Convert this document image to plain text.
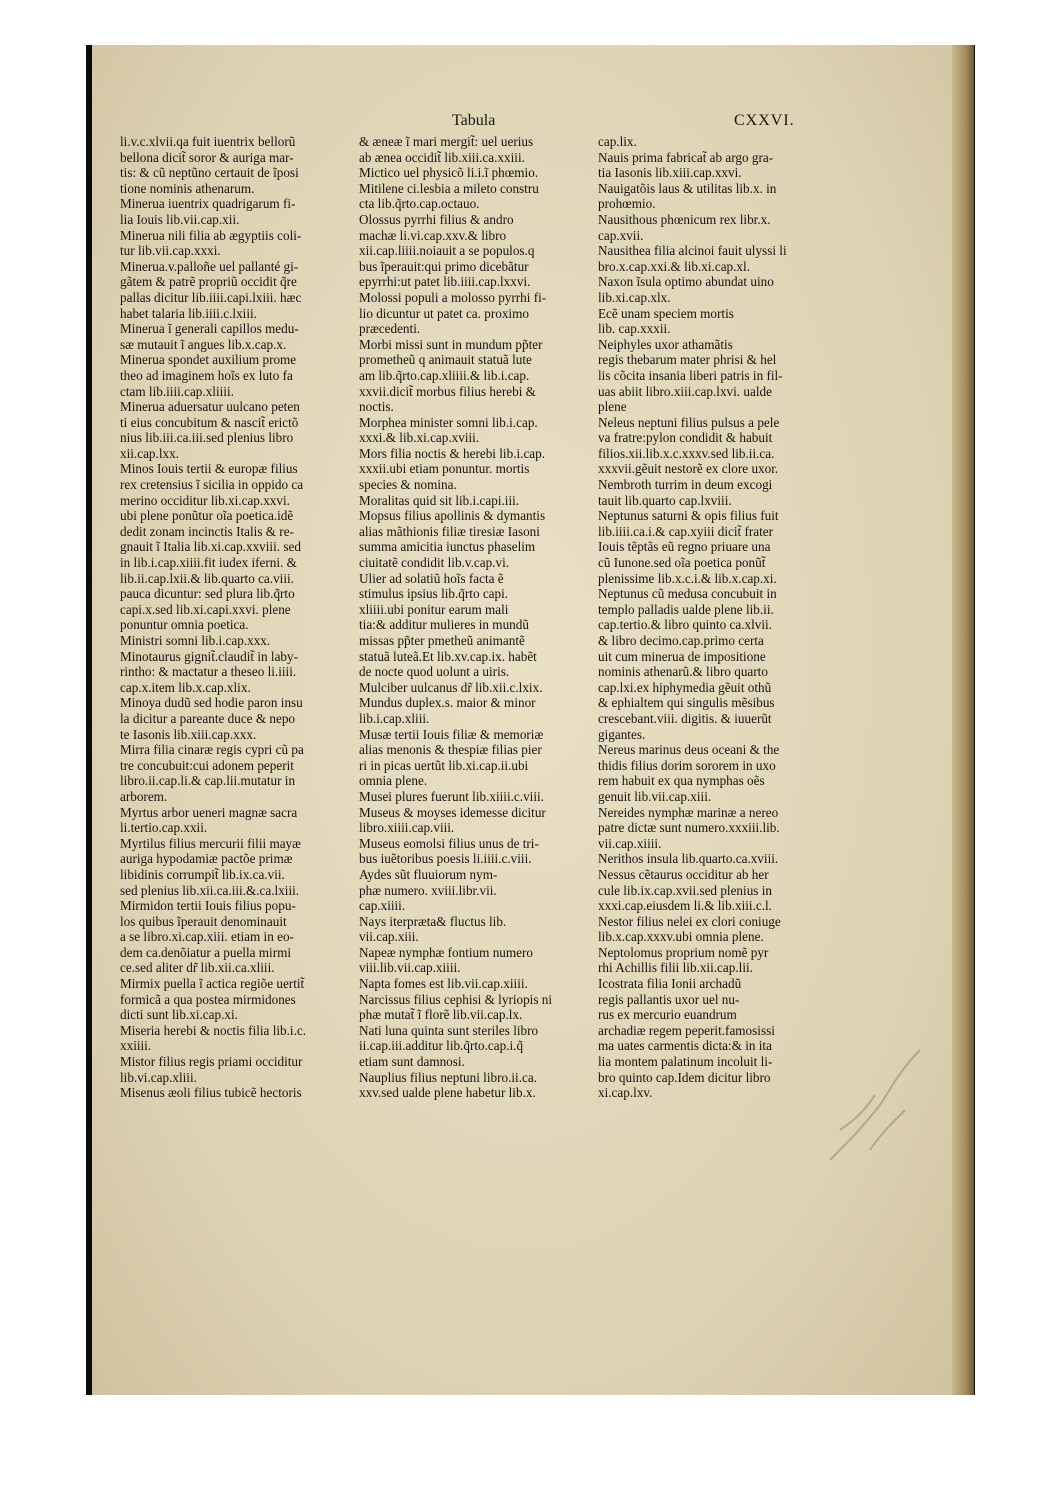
Tabula	CXXVI.
li.v.c.xlvii.qa fuit iuentrix bellorũ
bellona dicit̃ soror & auriga mar-
tis: & cũ neptũno certauit de ĩposi
tione nominis athenarum.
Minerua iuentrix quadrigarum fi-
lia Iouis lib.vii.cap.xii.
Minerua nili filia ab ægyptiis coli-
tur lib.vii.cap.xxxi.
Minerua.v.palloñe uel pallanté gi-
gãtem & patrẽ propriũ occidit q̃re
pallas dicitur lib.iiii.capi.lxiii. hæc
habet talaria lib.iiii.c.lxiii.
Minerua ĩ generali capillos medu-
sæ mutauit ĩ angues lib.x.cap.x.
Minerua spondet auxilium prome
theo ad imaginem hoĩs ex luto fa
ctam lib.iiii.cap.xliiii.
Minerua aduersatur uulcano peten
ti eius concubitum & nascit̃ erictõ
nius lib.iii.ca.iii.sed plenius libro
xii.cap.lxx.
Minos Iouis tertii & europæ filius
rex cretensius ĩ sicilia in oppido ca
merino occiditur lib.xi.cap.xxvi.
ubi plene ponũtur oĩa poetica.idẽ
dedit zonam incinctis Italis & re-
gnauit ĩ Italia lib.xi.cap.xxviii. sed
in lib.i.cap.xiiii.fit iudex iferni. &
lib.ii.cap.lxii.& lib.quarto ca.viii.
pauca dicuntur: sed plura lib.q̃rto
capi.x.sed lib.xi.capi.xxvi. plene
ponuntur omnia poetica.
Ministri somni lib.i.cap.xxx.
Minotaurus gignit̃.claudit̃ in laby-
rintho: & mactatur a theseo li.iiii.
cap.x.item lib.x.cap.xlix.
Minoya dudũ sed hodie paron insu
la dicitur a pareante duce & nepo
te Iasonis lib.xiii.cap.xxx.
Mirra filia cinaræ regis cypri cũ pa
tre concubuit:cui adonem peperit
libro.ii.cap.li.& cap.lii.mutatur in
arborem.
Myrtus arbor ueneri magnæ sacra
li.tertio.cap.xxii.
Myrtilus filius mercurii filii mayæ
auriga hypodamiæ pactõe primæ
libidinis corrumpit̃ lib.ix.ca.vii.
sed plenius lib.xii.ca.iii.&.ca.lxiii.
Mirmidon tertii Iouis filius popu-
los quibus ĩperauit denominauit
a se libro.xi.cap.xiii. etiam in eo-
dem ca.denõiatur a puella mirmi
ce.sed aliter dr̃ lib.xii.ca.xliii.
Mirmix puella ĩ actica regiõe uertit̃
formicã a qua postea mirmidones
dicti sunt lib.xi.cap.xi.
Miseria herebi & noctis filia lib.i.c.
xxiiii.
Mistor filius regis priami occiditur
lib.vi.cap.xliii.
Misenus æoli filius tubicẽ hectoris
& æneæ ĩ mari mergit̃: uel uerius
ab ænea occidit̃ lib.xiii.ca.xxiii.
Mictico uel physicõ li.i.ĩ phœmio.
Mitilene ci.lesbia a mileto constru
cta lib.q̃rto.cap.octauo.
Olossus pyrrhi filius & andro
machæ li.vi.cap.xxv.& libro
xii.cap.liiii.noiauit a se populos.q
bus ĩperauit:qui primo dicebãtur
epyrrhi:ut patet lib.iiii.cap.lxxvi.
Molossi populi a molosso pyrrhi fi-
lio dicuntur ut patet ca. proximo
præcedenti.
Morbi missi sunt in mundum pp̃ter
prometheũ q animauit statuã lute
am lib.q̃rto.cap.xliiii.& lib.i.cap.
xxvii.dicit̃ morbus filius herebi &
noctis.
Morphea minister somni lib.i.cap.
xxxi.& lib.xi.cap.xviii.
Mors filia noctis & herebi lib.i.cap.
xxxii.ubi etiam ponuntur. mortis
species & nomina.
Moralitas quid sit lib.i.capi.iii.
Mopsus filius apollinis & dymantis
alias mãthionis filiæ tiresiæ Iasoni
summa amicitia iunctus phaselim
ciuitatẽ condidit lib.v.cap.vi.
Ulier ad solatiũ hoĩs facta ẽ
stimulus ipsius lib.q̃rto capi.
xliiii.ubi ponitur earum mali
tia:& additur mulieres in mundũ
missas pp̃ter pmetheũ animantẽ
statuã luteã.Et lib.xv.cap.ix. habẽt
de nocte quod uolunt a uiris.
Mulciber uulcanus dr̃ lib.xii.c.lxix.
Mundus duplex.s. maior & minor
lib.i.cap.xliii.
Musæ tertii Iouis filiæ & memoriæ
alias menonis & thespiæ filias pier
ri in picas uertũt lib.xi.cap.ii.ubi
omnia plene.
Musei plures fuerunt lib.xiiii.c.viii.
Museus & moyses idemesse dicitur
libro.xiiii.cap.viii.
Museus eomolsi filius unus de tri-
bus iuẽtoribus poesis li.iiii.c.viii.
Aydes sũt fluuiorum nym-
phæ numero. xviii.libr.vii.
cap.xiiii.
Nays iterpræta& fluctus lib.
vii.cap.xiii.
Napeæ nymphæ fontium numero
viii.lib.vii.cap.xiiii.
Napta fomes est lib.vii.cap.xiiii.
Narcissus filius cephisi & lyriopis ni
phæ mutat̃ ĩ florẽ lib.vii.cap.lx.
Nati luna quinta sunt steriles libro
ii.cap.iii.additur lib.q̃rto.cap.i.q̃
etiam sunt damnosi.
Nauplius filius neptuni libro.ii.ca.
xxv.sed ualde plene habetur lib.x.
cap.lix.
Nauis prima fabricat̃ ab argo gra-
tia Iasonis lib.xiii.cap.xxvi.
Nauigatõis laus & utilitas lib.x. in
prohœmio.
Nausithous phœnicum rex libr.x.
cap.xvii.
Nausithea filia alcinoi fauit ulyssi li
bro.x.cap.xxi.& lib.xi.cap.xl.
Naxon ĩsula optimo abundat uino
lib.xi.cap.xlx.
Ecẽ unam speciem mortis
lib. cap.xxxii.
Neiphyles uxor athamãtis
regis thebarum mater phrisi & hel
lis cõcita insania liberi patris in fil-
uas abiit libro.xiii.cap.lxvi. ualde
plene
Neleus neptuni filius pulsus a pele
va fratre:pylon condidit & habuit
filios.xii.lib.x.c.xxxv.sed lib.ii.ca.
xxxvii.gẽuit nestorẽ ex clore uxor.
Nembroth turrim in deum excogi
tauit lib.quarto cap.lxviii.
Neptunus saturni & opis filius fuit
lib.iiii.ca.i.& cap.xyiii dicit̃ frater
Iouis tẽptãs eũ regno priuare una
cũ Iunone.sed oĩa poetica ponũt̃
plenissime lib.x.c.i.& lib.x.cap.xi.
Neptunus cũ medusa concubuit in
templo palladis ualde plene lib.ii.
cap.tertio.& libro quinto ca.xlvii.
& libro decimo.cap.primo certa
uit cum minerua de impositione
nominis athenarũ.& libro quarto
cap.lxi.ex hiphymedia gẽuit othũ
& ephialtem qui singulis mẽsibus
crescebant.viii. digitis. & iuuerũt
gigantes.
Nereus marinus deus oceani & the
thidis filius dorim sororem in uxo
rem habuit ex qua nymphas oẽs
genuit lib.vii.cap.xiii.
Nereides nymphæ marinæ a nereo
patre dictæ sunt numero.xxxiii.lib.
vii.cap.xiiii.
Nerithos insula lib.quarto.ca.xviii.
Nessus cẽtaurus occiditur ab her
cule lib.ix.cap.xvii.sed plenius in
xxxi.cap.eiusdem li.& lib.xiii.c.l.
Nestor filius nelei ex clori coniuge
lib.x.cap.xxxv.ubi omnia plene.
Neptolomus proprium nomẽ pyr
rhi Achillis filii lib.xii.cap.lii.
Icostrata filia Ionii archadũ
regis pallantis uxor uel nu-
rus ex mercurio euandrum
archadiæ regem peperit.famosissi
ma uates carmentis dicta:& in ita
lia montem palatinum incoluit li-
bro quinto cap.Idem dicitur libro
xi.cap.lxv.
